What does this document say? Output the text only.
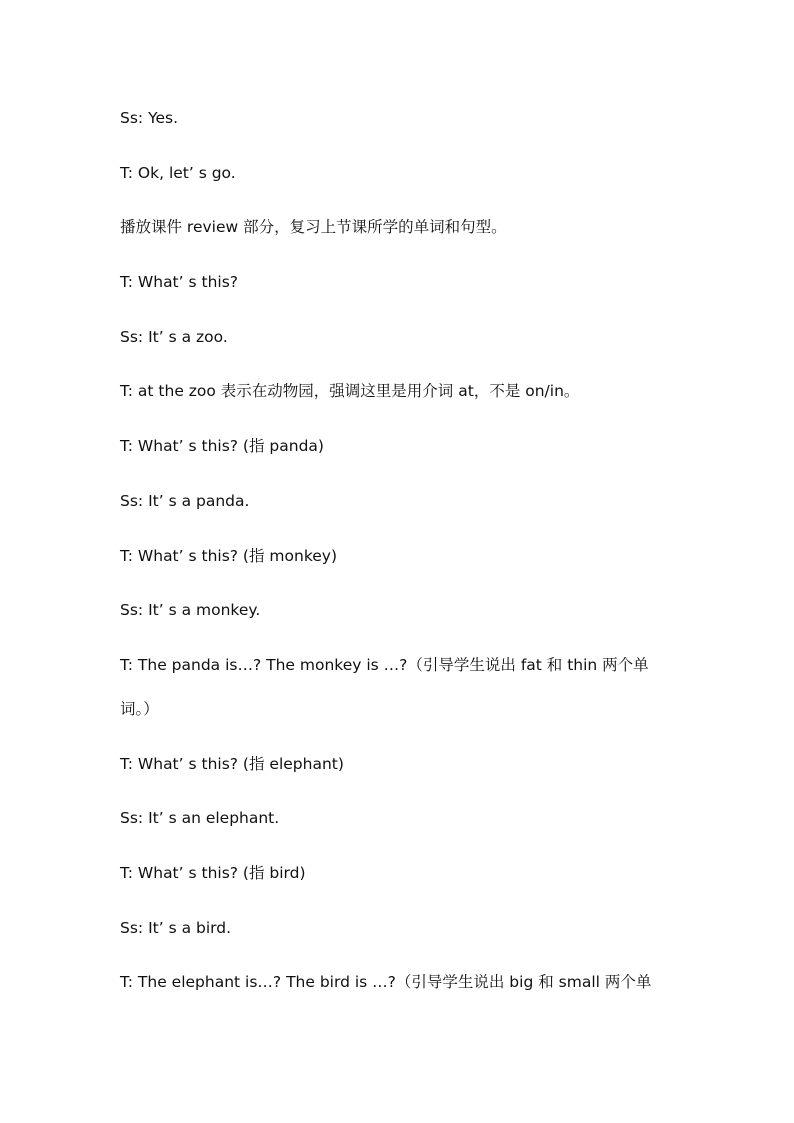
Ss: Yes.
T: Ok, let’ s go.
播放课件 review 部分，复习上节课所学的单词和句型。
T: What’ s this?
Ss: It’ s a zoo.
T: at the zoo 表示在动物园，强调这里是用介词 at，不是 on/in。
T: What’ s this? (指 panda)
Ss: It’ s a panda.
T: What’ s this? (指 monkey)
Ss: It’ s a monkey.
T: The panda is…? The monkey is …?（引导学生说出 fat 和 thin 两个单
词。）
T: What’ s this? (指 elephant)
Ss: It’ s an elephant.
T: What’ s this? (指 bird)
Ss: It’ s a bird.
T: The elephant is…? The bird is …?（引导学生说出 big 和 small 两个单
